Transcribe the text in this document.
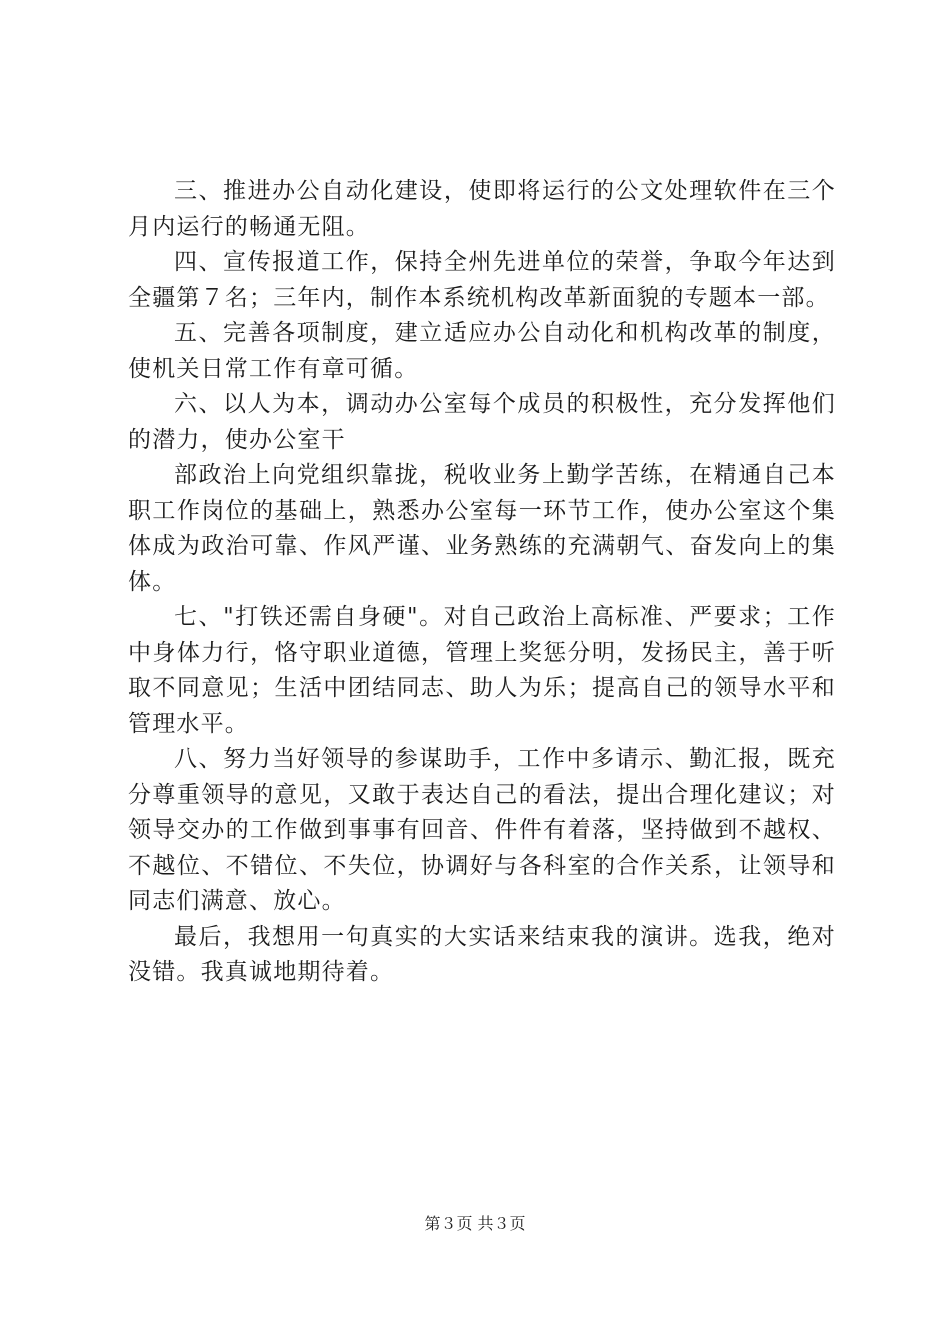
三、推进办公自动化建设，使即将运行的公文处理软件在三个月内运行的畅通无阻。

四、宣传报道工作，保持全州先进单位的荣誉，争取今年达到全疆第７名；三年内，制作本系统机构改革新面貌的专题本一部。

五、完善各项制度，建立适应办公自动化和机构改革的制度，使机关日常工作有章可循。

六、以人为本，调动办公室每个成员的积极性，充分发挥他们的潜力，使办公室干

部政治上向党组织靠拢，税收业务上勤学苦练，在精通自己本职工作岗位的基础上，熟悉办公室每一环节工作，使办公室这个集体成为政治可靠、作风严谨、业务熟练的充满朝气、奋发向上的集体。

七、"打铁还需自身硬"。对自己政治上高标准、严要求；工作中身体力行，恪守职业道德，管理上奖惩分明，发扬民主，善于听取不同意见；生活中团结同志、助人为乐；提高自己的领导水平和管理水平。

八、努力当好领导的参谋助手，工作中多请示、勤汇报，既充分尊重领导的意见，又敢于表达自己的看法，提出合理化建议；对领导交办的工作做到事事有回音、件件有着落，坚持做到不越权、不越位、不错位、不失位，协调好与各科室的合作关系，让领导和同志们满意、放心。

最后，我想用一句真实的大实话来结束我的演讲。选我，绝对没错。我真诚地期待着。

第３页 共３页
